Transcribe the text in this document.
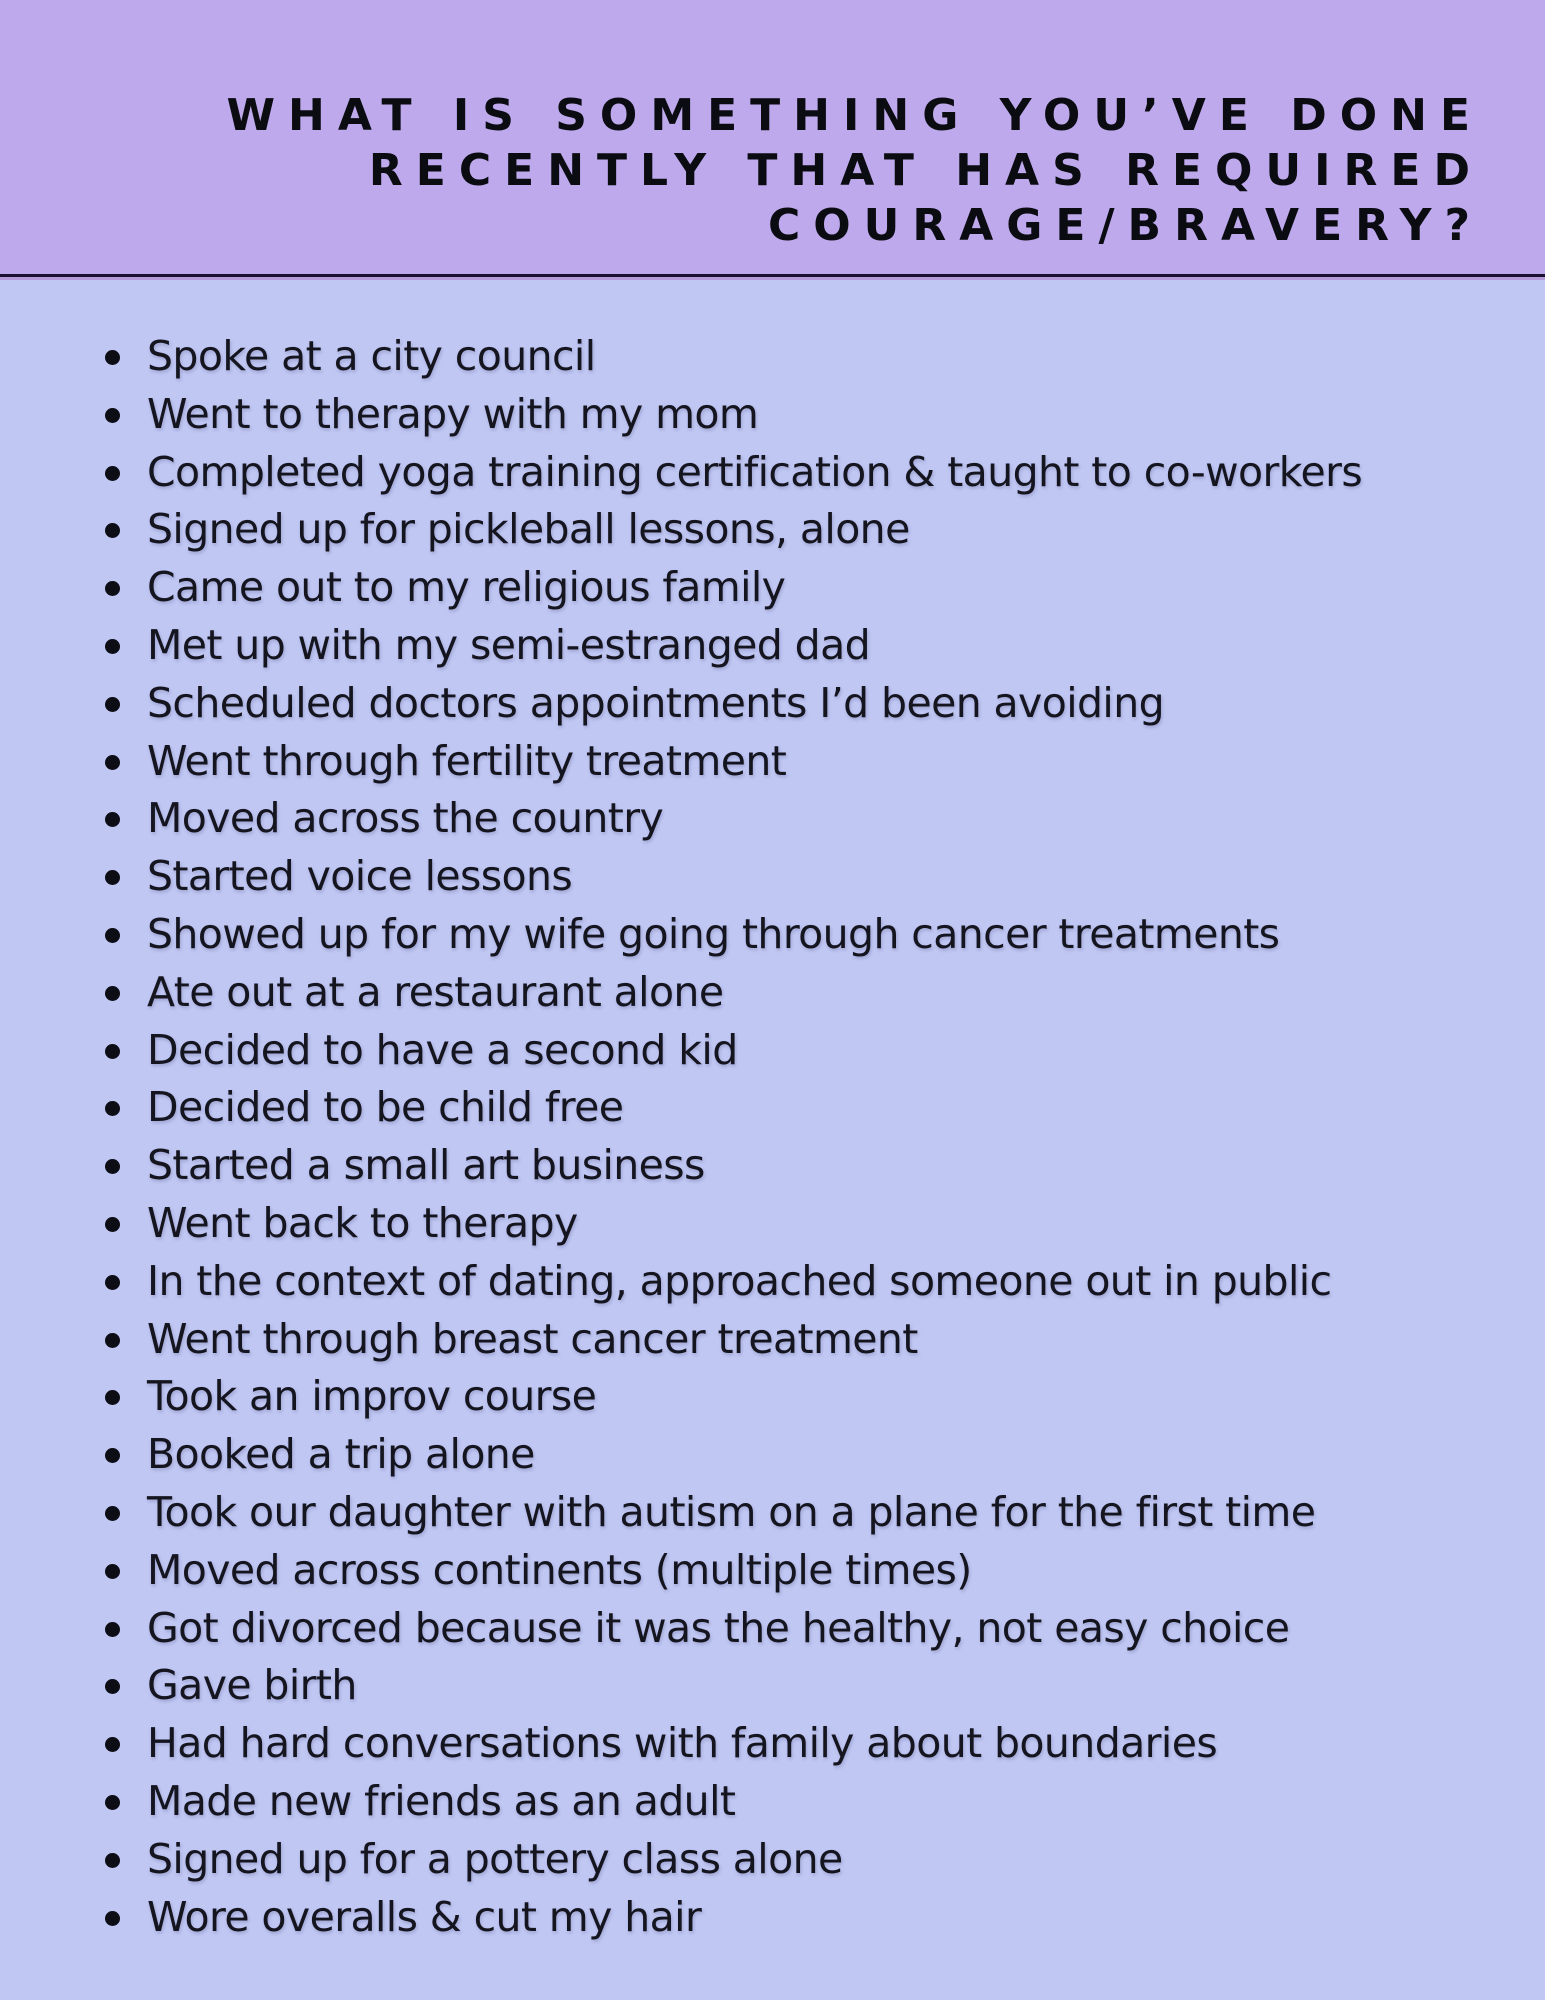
WHAT IS SOMETHING YOU’VE DONE RECENTLY THAT HAS REQUIRED COURAGE/BRAVERY?
Spoke at a city council
Went to therapy with my mom
Completed yoga training certification & taught to co-workers
Signed up for pickleball lessons, alone
Came out to my religious family
Met up with my semi-estranged dad
Scheduled doctors appointments I’d been avoiding
Went through fertility treatment
Moved across the country
Started voice lessons
Showed up for my wife going through cancer treatments
Ate out at a restaurant alone
Decided to have a second kid
Decided to be child free
Started a small art business
Went back to therapy
In the context of dating, approached someone out in public
Went through breast cancer treatment
Took an improv course
Booked a trip alone
Took our daughter with autism on a plane for the first time
Moved across continents (multiple times)
Got divorced because it was the healthy, not easy choice
Gave birth
Had hard conversations with family about boundaries
Made new friends as an adult
Signed up for a pottery class alone
Wore overalls & cut my hair
